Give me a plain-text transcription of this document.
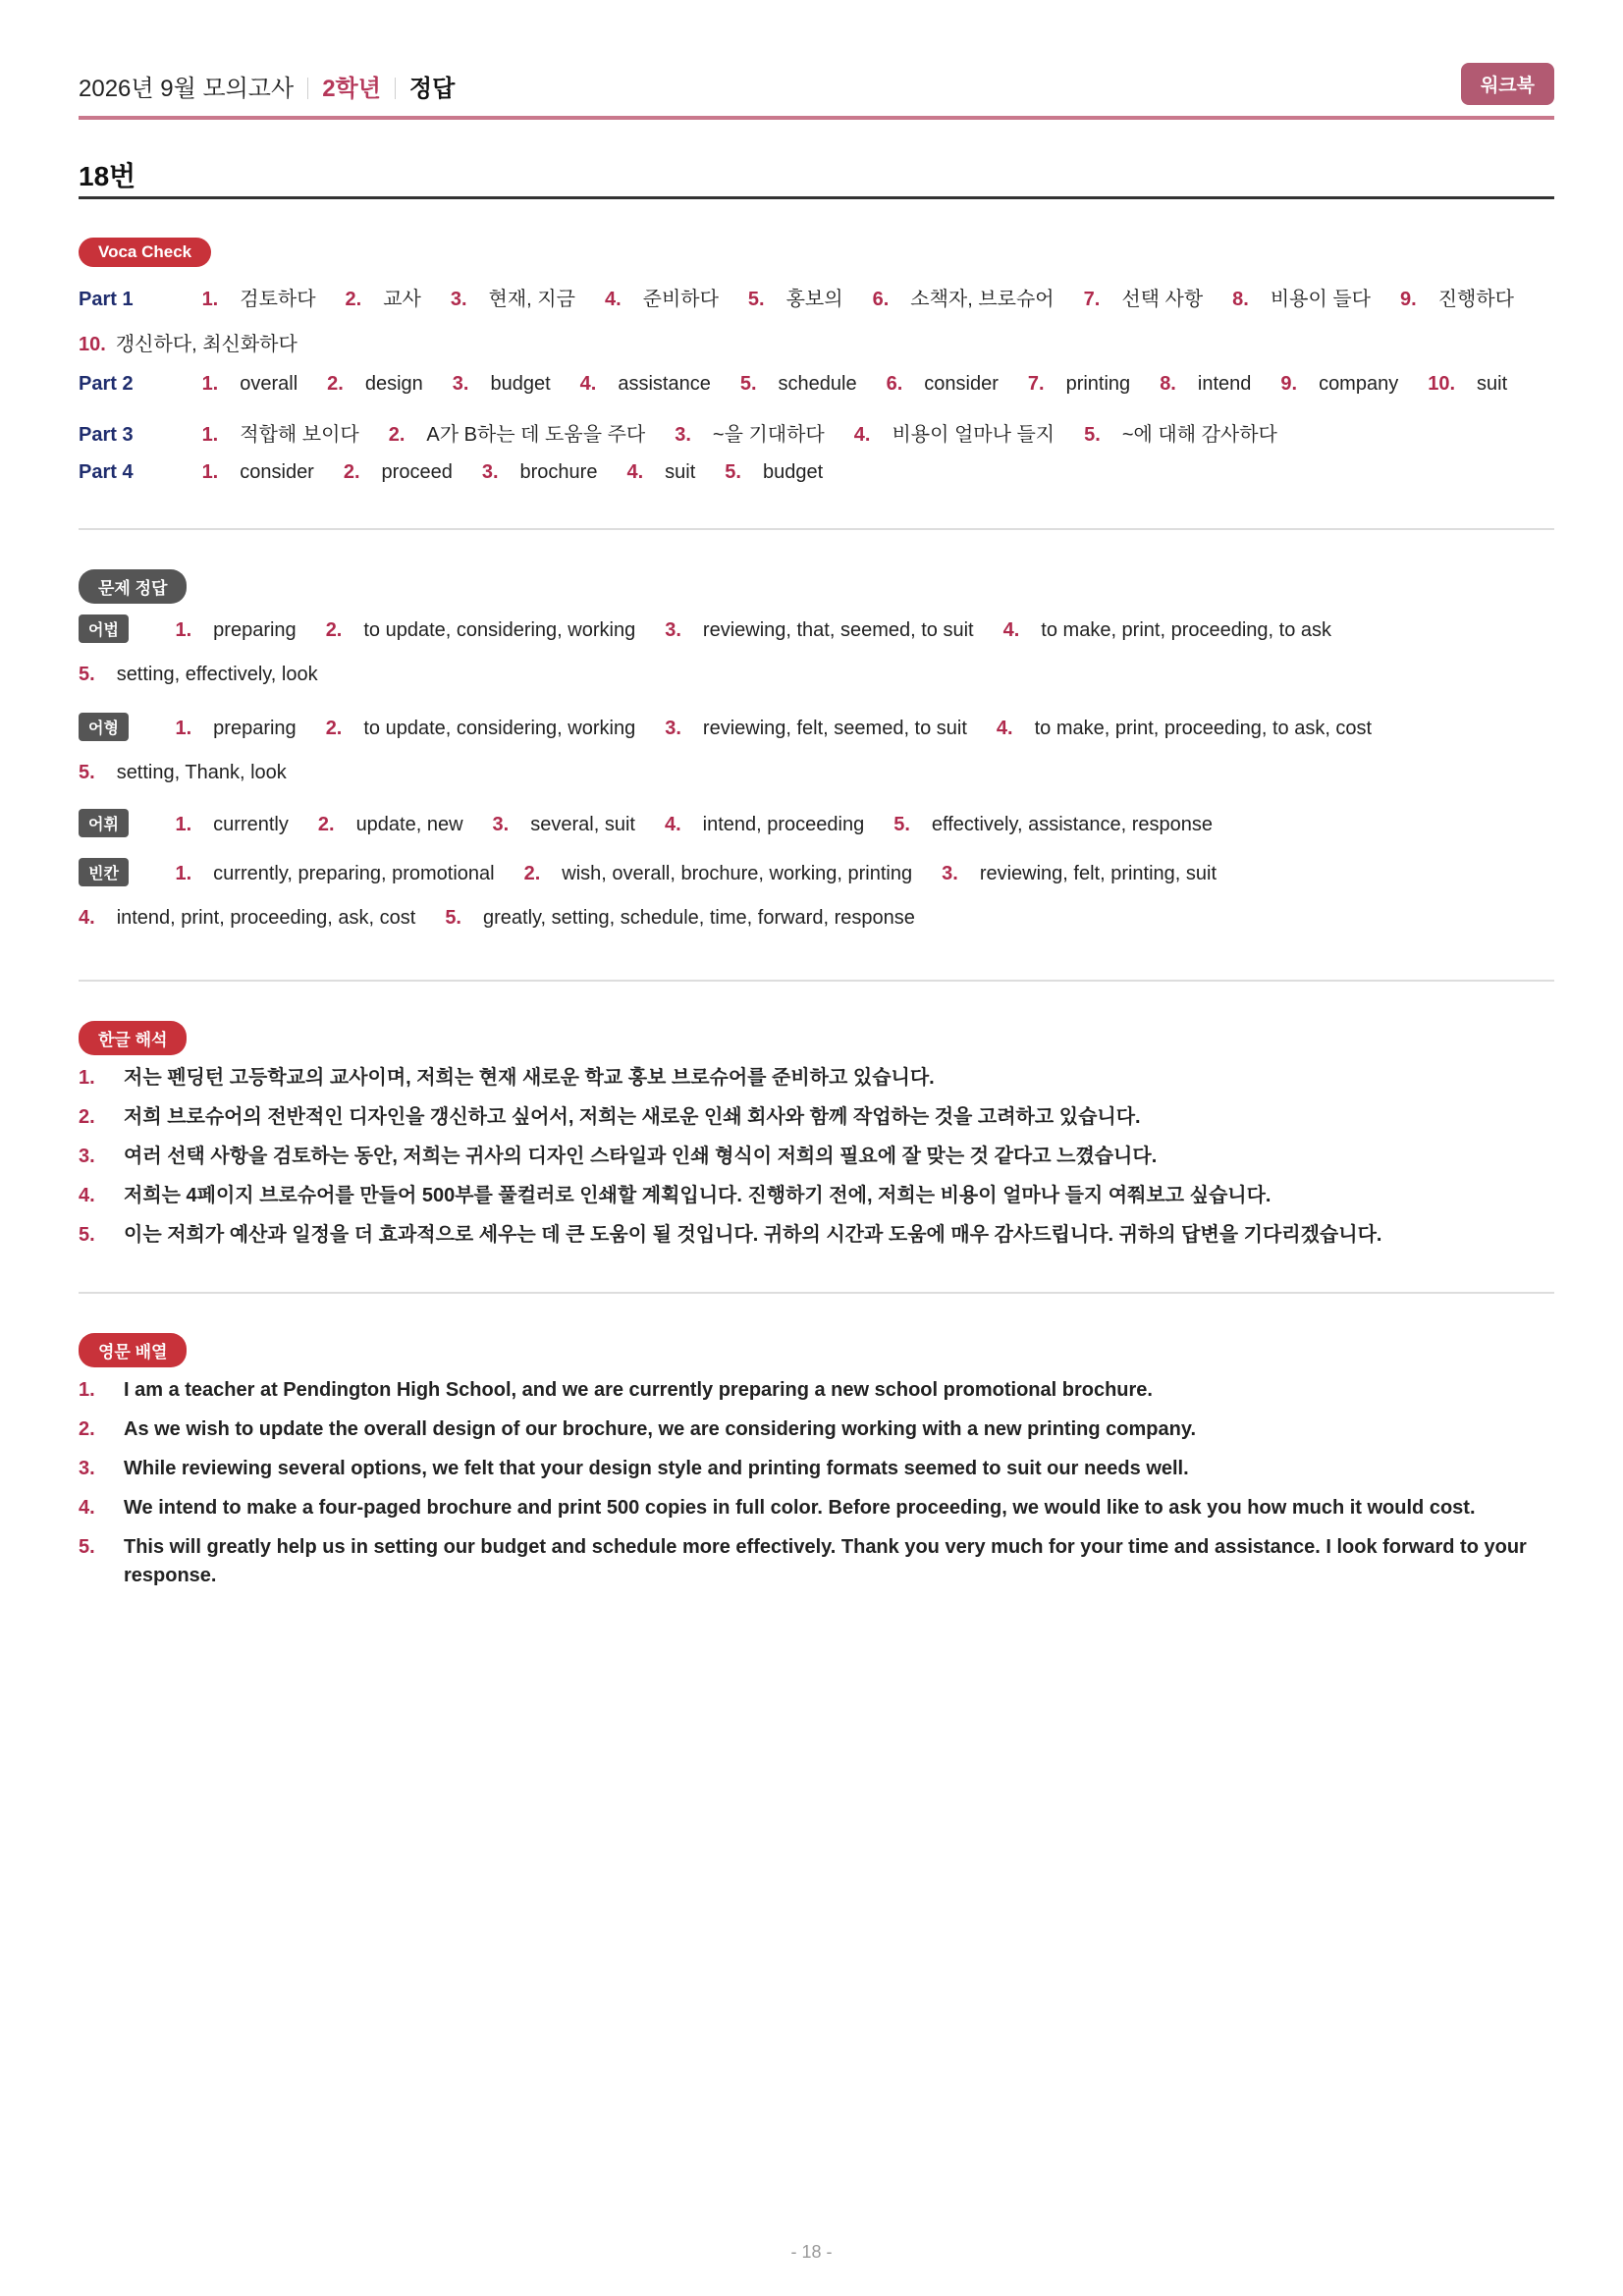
2026년 9월 모의고사 2학년 정답	워크북
18번
Voca Check
Part 1	1. 검토하다 2. 교사 3. 현재, 지금 4. 준비하다 5. 홍보의 6. 소책자, 브로슈어 7. 선택 사항 8. 비용이 들다 9. 진행하다
10. 갱신하다, 최신화하다
Part 2	1. overall 2. design 3. budget 4. assistance 5. schedule 6. consider 7. printing 8. intend 9. company 10. suit
Part 3	1. 적합해 보이다 2. A가 B하는 데 도움을 주다 3. ~을 기대하다 4. 비용이 얼마나 들지 5. ~에 대해 감사하다
Part 4	1. consider 2. proceed 3. brochure 4. suit 5. budget
문제 정답
어법	1. preparing 2. to update, considering, working 3. reviewing, that, seemed, to suit 4. to make, print, proceeding, to ask
5. setting, effectively, look
어형	1. preparing 2. to update, considering, working 3. reviewing, felt, seemed, to suit 4. to make, print, proceeding, to ask, cost
5. setting, Thank, look
어휘	1. currently 2. update, new 3. several, suit 4. intend, proceeding 5. effectively, assistance, response
빈칸	1. currently, preparing, promotional 2. wish, overall, brochure, working, printing 3. reviewing, felt, printing, suit
4. intend, print, proceeding, ask, cost 5. greatly, setting, schedule, time, forward, response
한글 해석
1. 저는 펜딩턴 고등학교의 교사이며, 저희는 현재 새로운 학교 홍보 브로슈어를 준비하고 있습니다.
2. 저희 브로슈어의 전반적인 디자인을 갱신하고 싶어서, 저희는 새로운 인쇄 회사와 함께 작업하는 것을 고려하고 있습니다.
3. 여러 선택 사항을 검토하는 동안, 저희는 귀사의 디자인 스타일과 인쇄 형식이 저희의 필요에 잘 맞는 것 같다고 느꼈습니다.
4. 저희는 4페이지 브로슈어를 만들어 500부를 풀컬러로 인쇄할 계획입니다. 진행하기 전에, 저희는 비용이 얼마나 들지 여쭤보고 싶습니다.
5. 이는 저희가 예산과 일정을 더 효과적으로 세우는 데 큰 도움이 될 것입니다. 귀하의 시간과 도움에 매우 감사드립니다. 귀하의 답변을 기다리겠습니다.
영문 배열
1. I am a teacher at Pendington High School, and we are currently preparing a new school promotional brochure.
2. As we wish to update the overall design of our brochure, we are considering working with a new printing company.
3. While reviewing several options, we felt that your design style and printing formats seemed to suit our needs well.
4. We intend to make a four-paged brochure and print 500 copies in full color. Before proceeding, we would like to ask you how much it would cost.
5. This will greatly help us in setting our budget and schedule more effectively. Thank you very much for your time and assistance. I look forward to your response.
- 18 -
